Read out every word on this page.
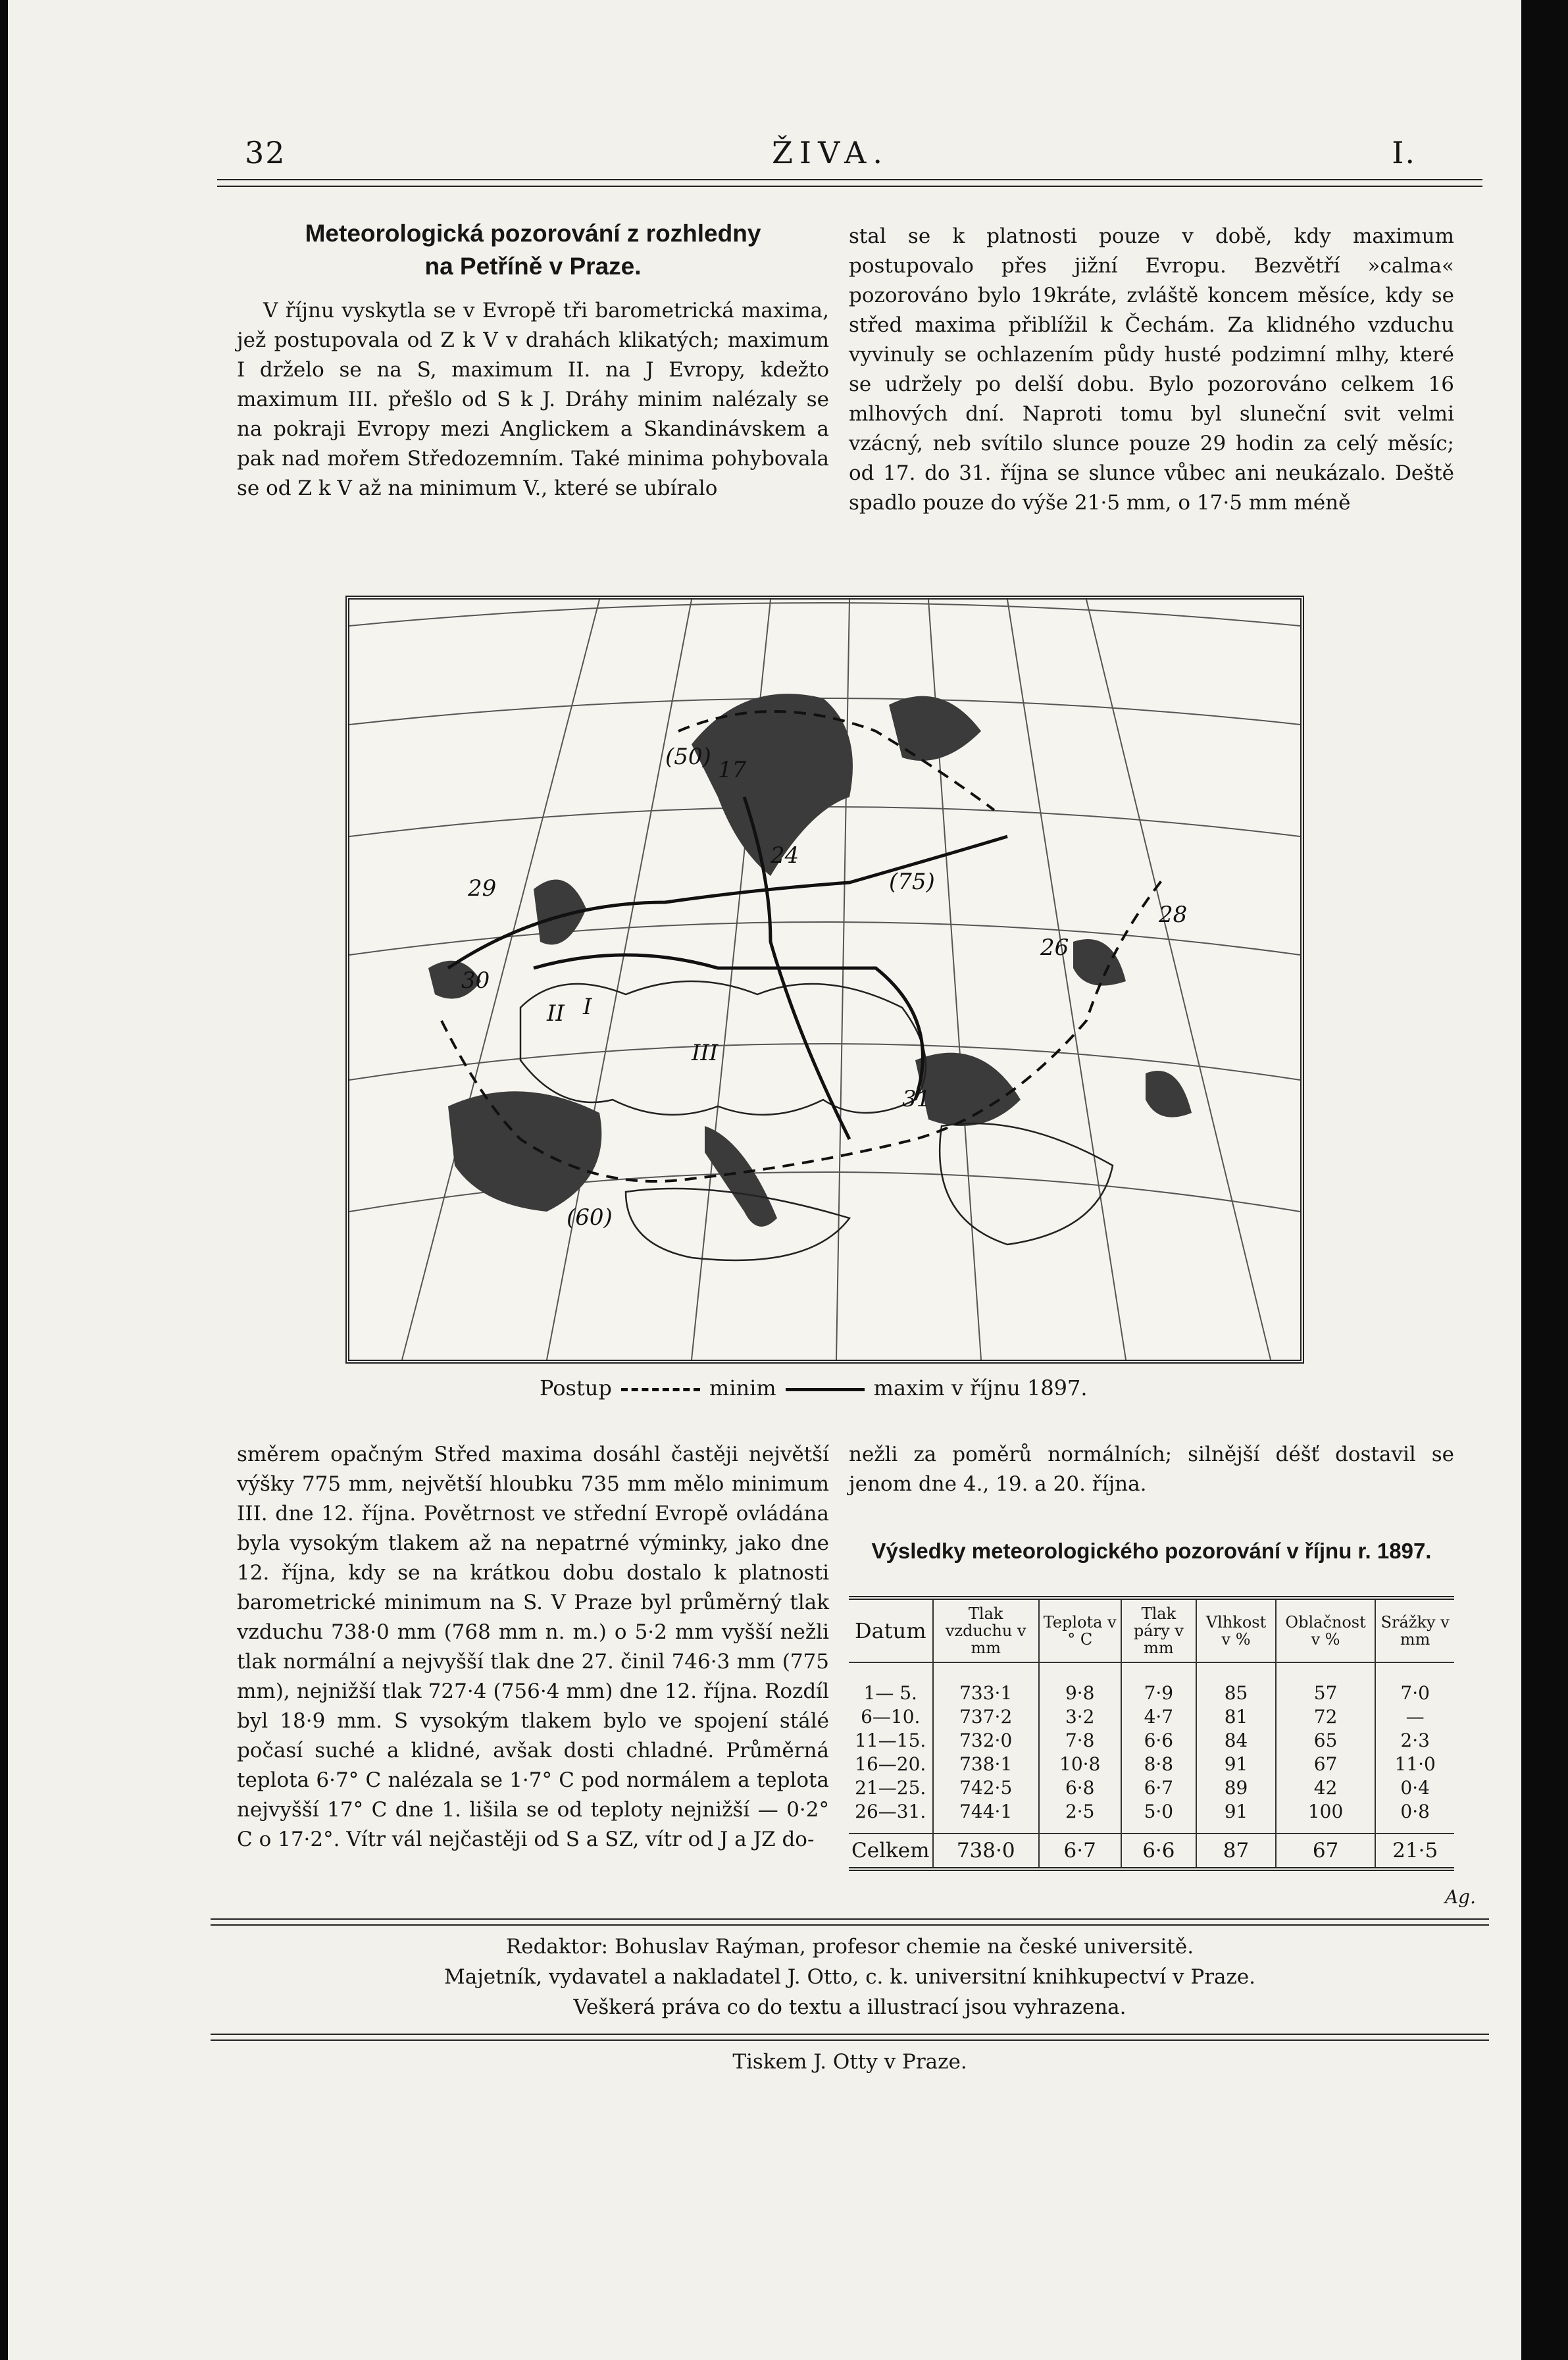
32	ŽIVA.	I.
Meteorologická pozorování z rozhledny
na Petříně v Praze.

V říjnu vyskytla se v Evropě tři barometrická maxima, jež postupovala od Z k V v drahách klikatých; maximum I drželo se na S, maximum II. na J Evropy, kdežto maximum III. přešlo od S k J. Dráhy minim nalézaly se na pokraji Evropy mezi Anglickem a Skandinávskem a pak nad mořem Středozemním. Také minima pohybovala se od Z k V až na minimum V., které se ubíralo

stal se k platnosti pouze v době, kdy maximum postupovalo přes jižní Evropu. Bezvětří »calma« pozorováno bylo 19kráte, zvláště koncem měsíce, kdy se střed maxima přiblížil k Čechám. Za klidného vzduchu vyvinuly se ochlazením půdy husté podzimní mlhy, které se udržely po delší dobu. Bylo pozorováno celkem 16 mlhových dní. Naproti tomu byl sluneční svit velmi vzácný, neb svítilo slunce pouze 29 hodin za celý měsíc; od 17. do 31. října se slunce vůbec ani neukázalo. Deště spadlo pouze do výše 21·5 mm, o 17·5 mm méně

I
II
III
29
30
28
24
26
31
17
(75)
(60)
(50)
Postup	minim	maxim v říjnu 1897.

směrem opačným Střed maxima dosáhl častěji největší výšky 775 mm, největší hloubku 735 mm mělo minimum III. dne 12. října. Povětrnost ve střední Evropě ovládána byla vysokým tlakem až na nepatrné výminky, jako dne 12. října, kdy se na krátkou dobu dostalo k platnosti barometrické minimum na S. V Praze byl průměrný tlak vzduchu 738·0 mm (768 mm n. m.) o 5·2 mm vyšší nežli tlak normální a nejvyšší tlak dne 27. činil 746·3 mm (775 mm), nejnižší tlak 727·4 (756·4 mm) dne 12. října. Rozdíl byl 18·9 mm. S vysokým tlakem bylo ve spojení stálé počasí suché a klidné, avšak dosti chladné. Průměrná teplota 6·7° C nalézala se 1·7° C pod normálem a teplota nejvyšší 17° C dne 1. lišila se od teploty nejnižší — 0·2° C o 17·2°. Vítr vál nejčastěji od S a SZ, vítr od J a JZ do-

nežli za poměrů normálních; silnější déšť dostavil se jenom dne 4., 19. a 20. října.

Výsledky meteorologického pozorování v říjnu r. 1897.
Datum	Tlak vzduchu v mm	Teplota v ° C	Tlak páry v mm	Vlhkost v %	Oblačnost v %	Srážky v mm
1— 5.	733·1	9·8	7·9	85	57	7·0
6—10.	737·2	3·2	4·7	81	72	—
11—15.	732·0	7·8	6·6	84	65	2·3
16—20.	738·1	10·8	8·8	91	67	11·0
21—25.	742·5	6·8	6·7	89	42	0·4
26—31.	744·1	2·5	5·0	91	100	0·8
Celkem	738·0	6·7	6·6	87	67	21·5
Ag.
Redaktor: Bohuslav Raýman, profesor chemie na české universitě.
Majetník, vydavatel a nakladatel J. Otto, c. k. universitní knihkupectví v Praze.
Veškerá práva co do textu a illustrací jsou vyhrazena.
Tiskem J. Otty v Praze.
